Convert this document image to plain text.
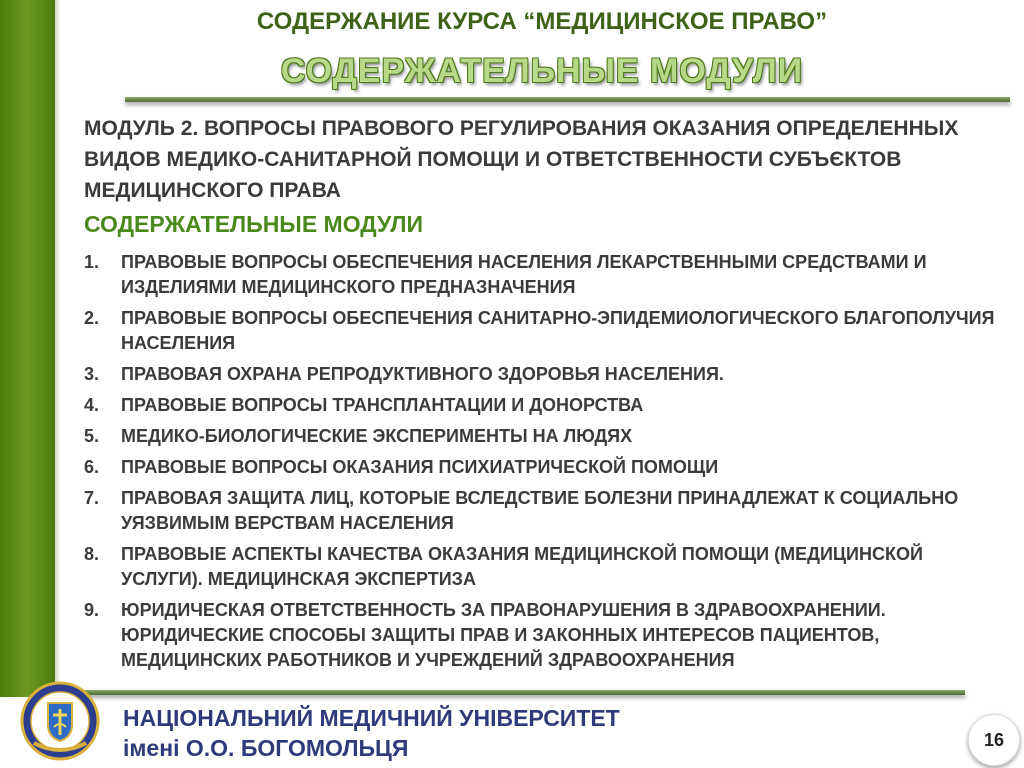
СОДЕРЖАНИЕ КУРСА “МЕДИЦИНСКОЕ ПРАВО”
СОДЕРЖАТЕЛЬНЫЕ МОДУЛИ
МОДУЛЬ 2. ВОПРОСЫ ПРАВОВОГО РЕГУЛИРОВАНИЯ ОКАЗАНИЯ ОПРЕДЕЛЕННЫХ ВИДОВ МЕДИКО-САНИТАРНОЙ ПОМОЩИ И ОТВЕТСТВЕННОСТИ СУБЪЄКТОВ МЕДИЦИНСКОГО ПРАВА
СОДЕРЖАТЕЛЬНЫЕ МОДУЛИ
1.	ПРАВОВЫЕ ВОПРОСЫ ОБЕСПЕЧЕНИЯ НАСЕЛЕНИЯ ЛЕКАРСТВЕННЫМИ СРЕДСТВАМИ И ИЗДЕЛИЯМИ МЕДИЦИНСКОГО ПРЕДНАЗНАЧЕНИЯ
2.	ПРАВОВЫЕ ВОПРОСЫ ОБЕСПЕЧЕНИЯ САНИТАРНО-ЭПИДЕМИОЛОГИЧЕСКОГО БЛАГОПОЛУЧИЯ НАСЕЛЕНИЯ
3.	ПРАВОВАЯ ОХРАНА РЕПРОДУКТИВНОГО ЗДОРОВЬЯ НАСЕЛЕНИЯ.
4.	ПРАВОВЫЕ ВОПРОСЫ ТРАНСПЛАНТАЦИИ И ДОНОРСТВА
5.	МЕДИКО-БИОЛОГИЧЕСКИЕ ЭКСПЕРИМЕНТЫ НА ЛЮДЯХ
6.	ПРАВОВЫЕ ВОПРОСЫ ОКАЗАНИЯ ПСИХИАТРИЧЕСКОЙ ПОМОЩИ
7.	ПРАВОВАЯ ЗАЩИТА ЛИЦ, КОТОРЫЕ ВСЛЕДСТВИЕ БОЛЕЗНИ ПРИНАДЛЕЖАТ К СОЦИАЛЬНО УЯЗВИМЫМ ВЕРСТВАМ НАСЕЛЕНИЯ
8.	ПРАВОВЫЕ АСПЕКТЫ КАЧЕСТВА ОКАЗАНИЯ МЕДИЦИНСКОЙ ПОМОЩИ (МЕДИЦИНСКОЙ УСЛУГИ). МЕДИЦИНСКАЯ ЭКСПЕРТИЗА
9.	ЮРИДИЧЕСКАЯ ОТВЕТСТВЕННОСТЬ ЗА ПРАВОНАРУШЕНИЯ В ЗДРАВООХРАНЕНИИ. ЮРИДИЧЕСКИЕ СПОСОБЫ ЗАЩИТЫ ПРАВ И ЗАКОННЫХ ИНТЕРЕСОВ ПАЦИЕНТОВ, МЕДИЦИНСКИХ РАБОТНИКОВ И УЧРЕЖДЕНИЙ ЗДРАВООХРАНЕНИЯ
НАЦІОНАЛЬНИЙ МЕДИЧНИЙ УНІВЕРСИТЕТ
імені О.О. БОГОМОЛЬЦЯ	16
